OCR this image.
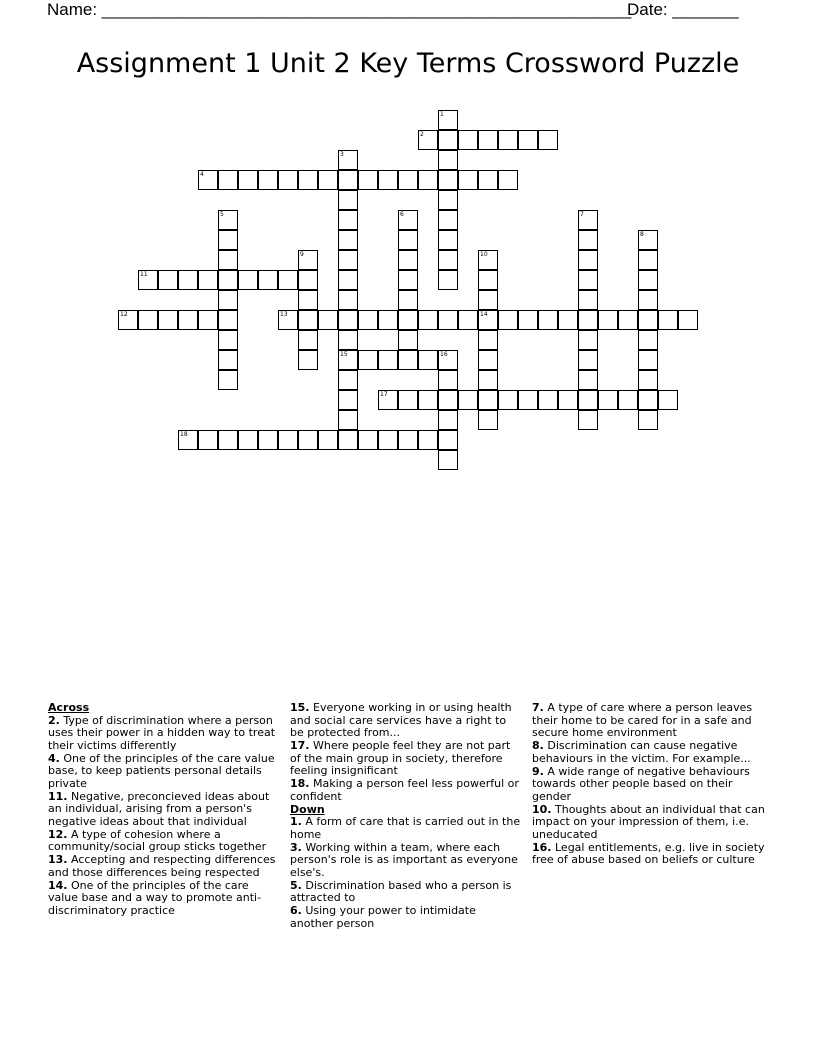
Name: ________________________________________________________
Date: _______
Assignment 1 Unit 2 Key Terms Crossword Puzzle
1
2
3
15
4
5	6	7
8
9	10
14
11
12	13
16
17
18
Across
2. Type of discrimination where a person uses their power in a hidden way to treat their victims differently
4. One of the principles of the care value base, to keep patients personal details private
11. Negative, preconcieved ideas about an individual, arising from a person's negative ideas about that individual
12. A type of cohesion where a community/social group sticks together
13. Accepting and respecting differences and those differences being respected
14. One of the principles of the care value base and a way to promote anti-discriminatory practice
15. Everyone working in or using health and social care services have a right to be protected from...
17. Where people feel they are not part of the main group in society, therefore feeling insignificant
18. Making a person feel less powerful or confident
Down
1. A form of care that is carried out in the home
3. Working within a team, where each person's role is as important as everyone else's.
5. Discrimination based who a person is attracted to
6. Using your power to intimidate another person
7. A type of care where a person leaves their home to be cared for in a safe and secure home environment
8. Discrimination can cause negative behaviours in the victim. For example...
9. A wide range of negative behaviours towards other people based on their gender
10. Thoughts about an individual that can impact on your impression of them, i.e. uneducated
16. Legal entitlements, e.g. live in society free of abuse based on beliefs or culture
